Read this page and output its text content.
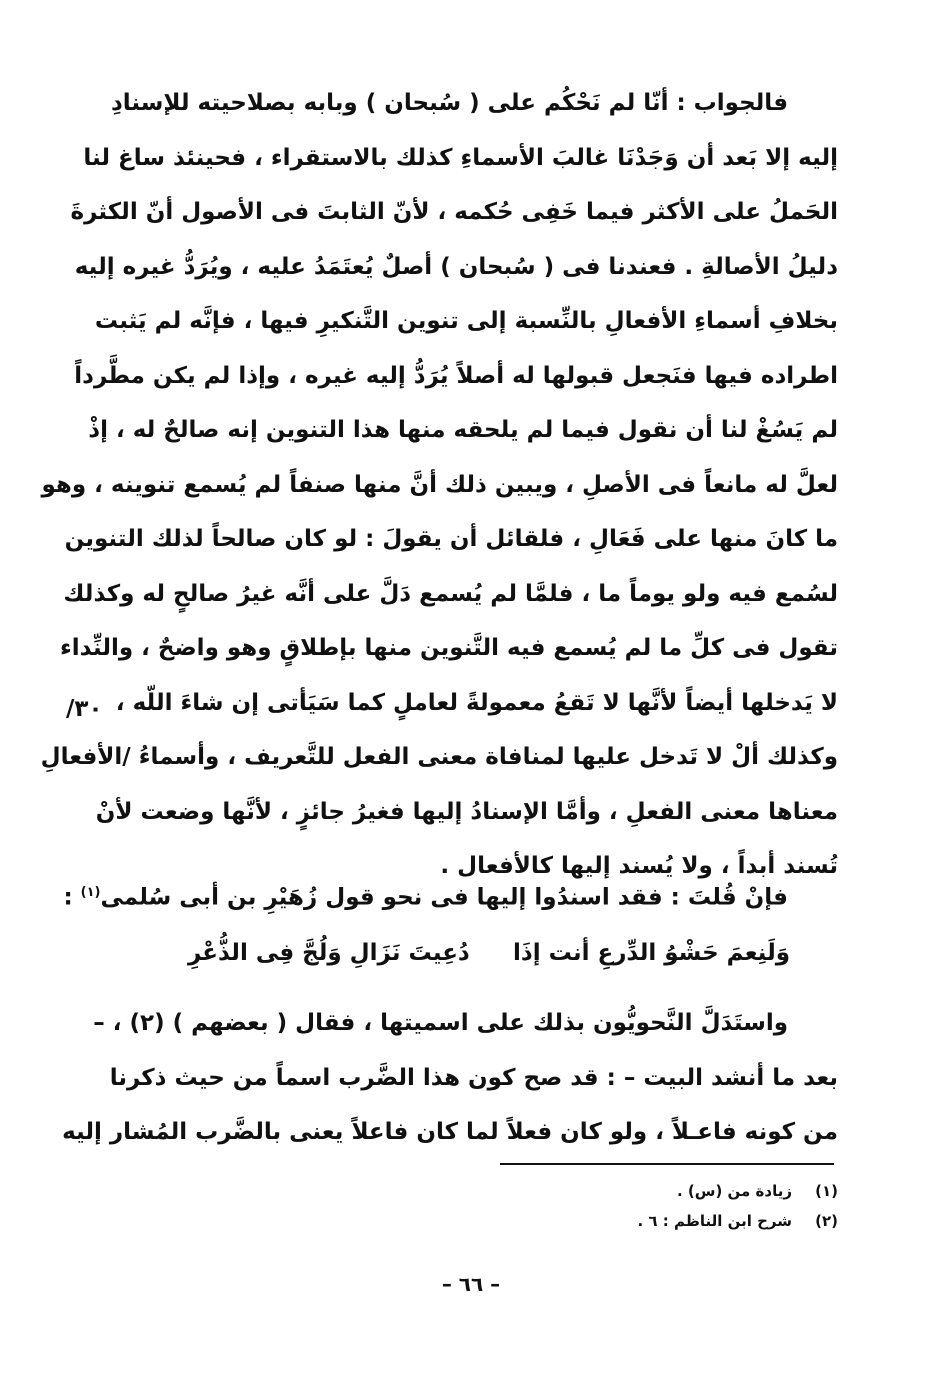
فالجواب : أنّا لم نَحْكُم على ( سُبحان ) وبابه بصلاحيته للإسنادِ
إليه إلا بَعد أن وَجَدْنَا غالبَ الأسماءِ كذلك بالاستقراء ، فحينئذ ساغ لنا
الحَملُ على الأكثر فيما خَفِى حُكمه ، لأنّ الثابتَ فى الأصول أنّ الكثرةَ
دليلُ الأصالةِ . فعندنا فى ( سُبحان ) أصلٌ يُعتَمَدُ عليه ، ويُرَدُّ غيره إليه
بخلافِ أسماءِ الأفعالِ بالنِّسبة إلى تنوين التَّنكيرِ فيها ، فإنَّه لم يَثبت
اطراده فيها فنَجعل قبولها له أصلاً يُرَدُّ إليه غيره ، وإذا لم يكن مطَّرداً
لم يَسُغْ لنا أن نقول فيما لم يلحقه منها هذا التنوين إنه صالحٌ له ، إذْ
لعلَّ له مانعاً فى الأصلِ ، ويبين ذلك أنَّ منها صنفاً لم يُسمع تنوينه ، وهو
ما كانَ منها على فَعَالِ ، فلقائل أن يقولَ : لو كان صالحاً لذلك التنوين
لسُمع فيه ولو يوماً ما ، فلمَّا لم يُسمع دَلَّ على أنَّه غيرُ صالحٍ له وكذلك
تقول فى كلِّ ما لم يُسمع فيه التَّنوين منها بإطلاقٍ وهو واضحٌ ، والنِّداء
لا يَدخلها أيضاً لأنَّها لا تَقعُ معمولةً لعاملٍ كما سَيَأتى إن شاءَ اللّه ،
وكذلك ألْ لا تَدخل عليها لمنافاة معنى الفعل للتَّعريف ، وأسماءُ /الأفعالِ
معناها معنى الفعلِ ، وأمَّا الإسنادُ إليها فغيرُ جائزٍ ، لأنَّها وضعت لأنْ
تُسند أبداً ، ولا يُسند إليها كالأفعال .
٣٠/
فإنْ قُلتَ : فقد اسندُوا إليها فى نحو قول زُهَيْرِ بن أبى سُلمى$^{(١)}$ :
وَلَنِعمَ حَشْوُ الدِّرعِ أنت إذَا
دُعِيتَ نَزَالِ وَلُجَّ فِى الذُّعْرِ
واستَدَلَّ النَّحويُّون بذلك على اسميتها ، فقال ( بعضهم ) (٢) ، –
بعد ما أنشد البيت – : قد صح كون هذا الضَّرب اسماً من حيث ذكرنا
من كونه فاعـلاً ، ولو كان فعلاً لما كان فاعلاً يعنى بالضَّرب المُشار إليه
(١)زيادة من (س) .
(٢)شرح ابن الناظم : ٦ .
– ٦٦ –
